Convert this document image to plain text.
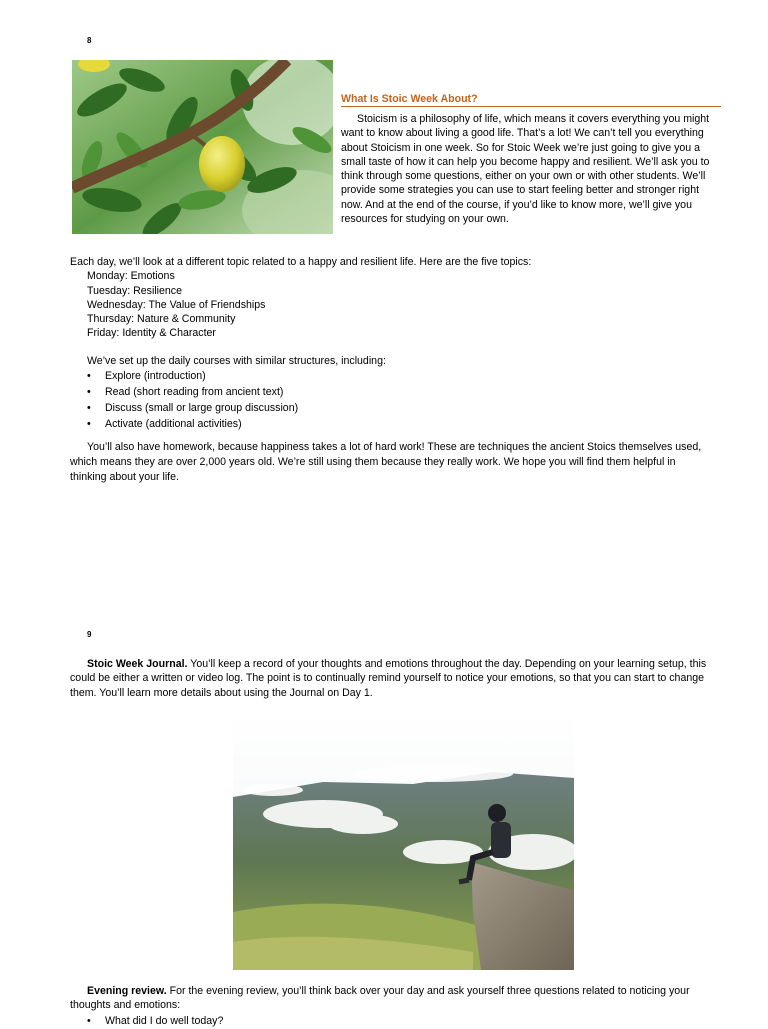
8
What Is Stoic Week About?
Stoicism is a philosophy of life, which means it covers everything you might
want to know about living a good life. That’s a lot! We can’t tell you everything
about Stoicism in one week. So for Stoic Week we’re just going to give you a
small taste of how it can help you become happy and resilient. We’ll ask you to
think through some questions, either on your own or with other students. We’ll
provide some strategies you can use to start feeling better and stronger right
now. And at the end of the course, if you’d like to know more, we’ll give you
resources for studying on your own.
Each day, we’ll look at a different topic related to a happy and resilient life. Here are the five topics:
Monday: Emotions
Tuesday: Resilience
Wednesday: The Value of Friendships
Thursday: Nature & Community
Friday: Identity & Character
We’ve set up the daily courses with similar structures, including:
• Explore (introduction)
• Read (short reading from ancient text)
• Discuss (small or large group discussion)
• Activate (additional activities)
You’ll also have homework, because happiness takes a lot of hard work! These are techniques the ancient Stoics themselves used,
which means they are over 2,000 years old. We’re still using them because they really work. We hope you will find them helpful in
thinking about your life.
9
Stoic Week Journal. You’ll keep a record of your thoughts and emotions throughout the day. Depending on your learning setup, this
could be either a written or video log. The point is to continually remind yourself to notice your emotions, so that you can start to change
them. You’ll learn more details about using the Journal on Day 1.
Evening review. For the evening review, you’ll think back over your day and ask yourself three questions related to noticing your
thoughts and emotions:
• What did I do well today?
